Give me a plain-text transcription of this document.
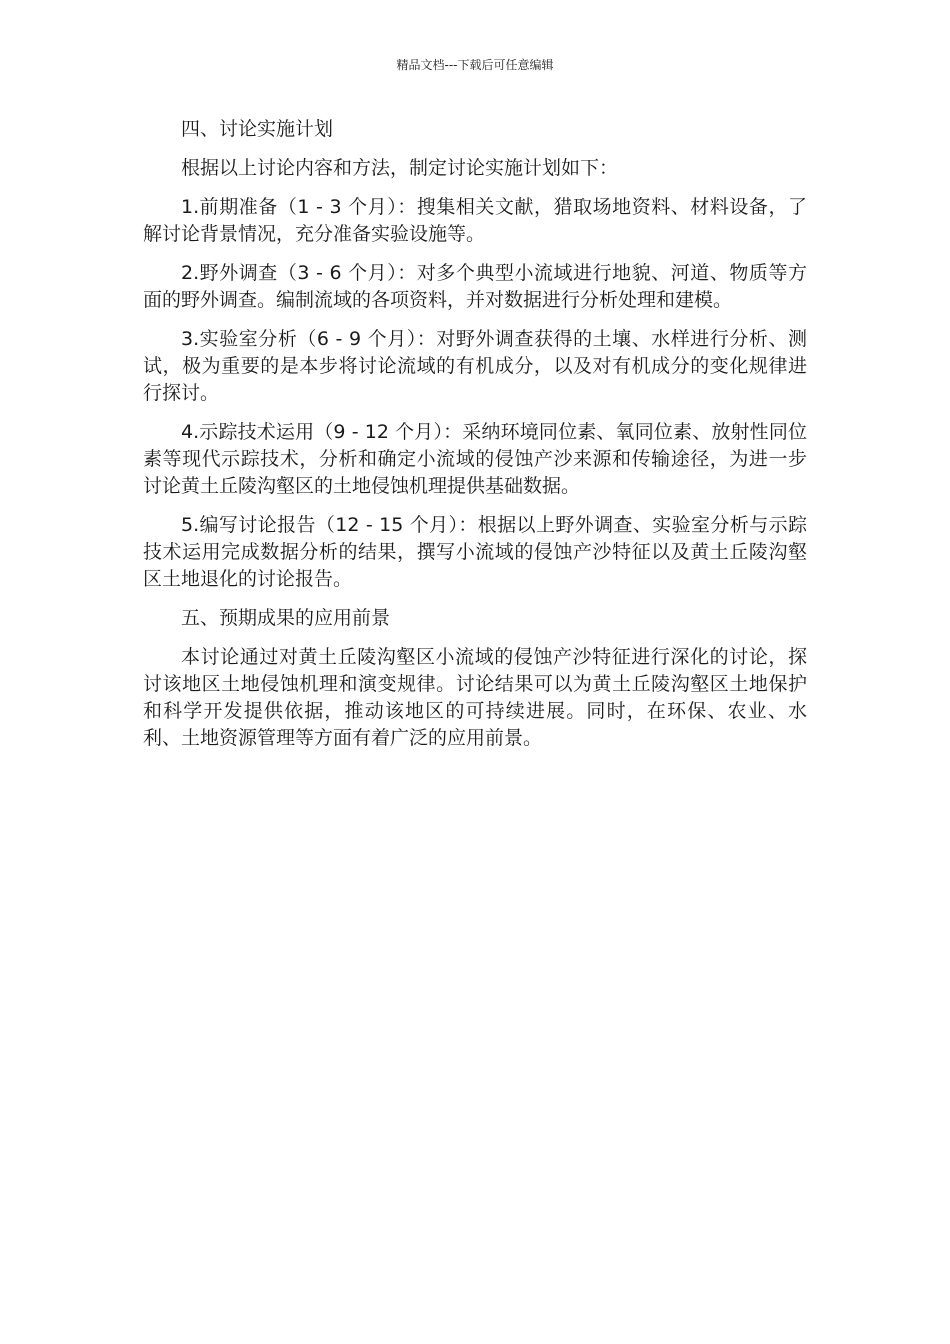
精品文档---下载后可任意编辑

四、讨论实施计划

根据以上讨论内容和方法，制定讨论实施计划如下：

1.前期准备（1 - 3 个月）：搜集相关文献，猎取场地资料、材料设备，了解讨论背景情况，充分准备实验设施等。

2.野外调查（3 - 6 个月）：对多个典型小流域进行地貌、河道、物质等方面的野外调查。编制流域的各项资料，并对数据进行分析处理和建模。

3.实验室分析（6 - 9 个月）：对野外调查获得的土壤、水样进行分析、测试，极为重要的是本步将讨论流域的有机成分，以及对有机成分的变化规律进行探讨。

4.示踪技术运用（9 - 12 个月）：采纳环境同位素、氧同位素、放射性同位素等现代示踪技术，分析和确定小流域的侵蚀产沙来源和传输途径，为进一步讨论黄土丘陵沟壑区的土地侵蚀机理提供基础数据。

5.编写讨论报告（12 - 15 个月）：根据以上野外调查、实验室分析与示踪技术运用完成数据分析的结果，撰写小流域的侵蚀产沙特征以及黄土丘陵沟壑区土地退化的讨论报告。

五、预期成果的应用前景

本讨论通过对黄土丘陵沟壑区小流域的侵蚀产沙特征进行深化的讨论，探讨该地区土地侵蚀机理和演变规律。讨论结果可以为黄土丘陵沟壑区土地保护和科学开发提供依据，推动该地区的可持续进展。同时，在环保、农业、水利、土地资源管理等方面有着广泛的应用前景。
